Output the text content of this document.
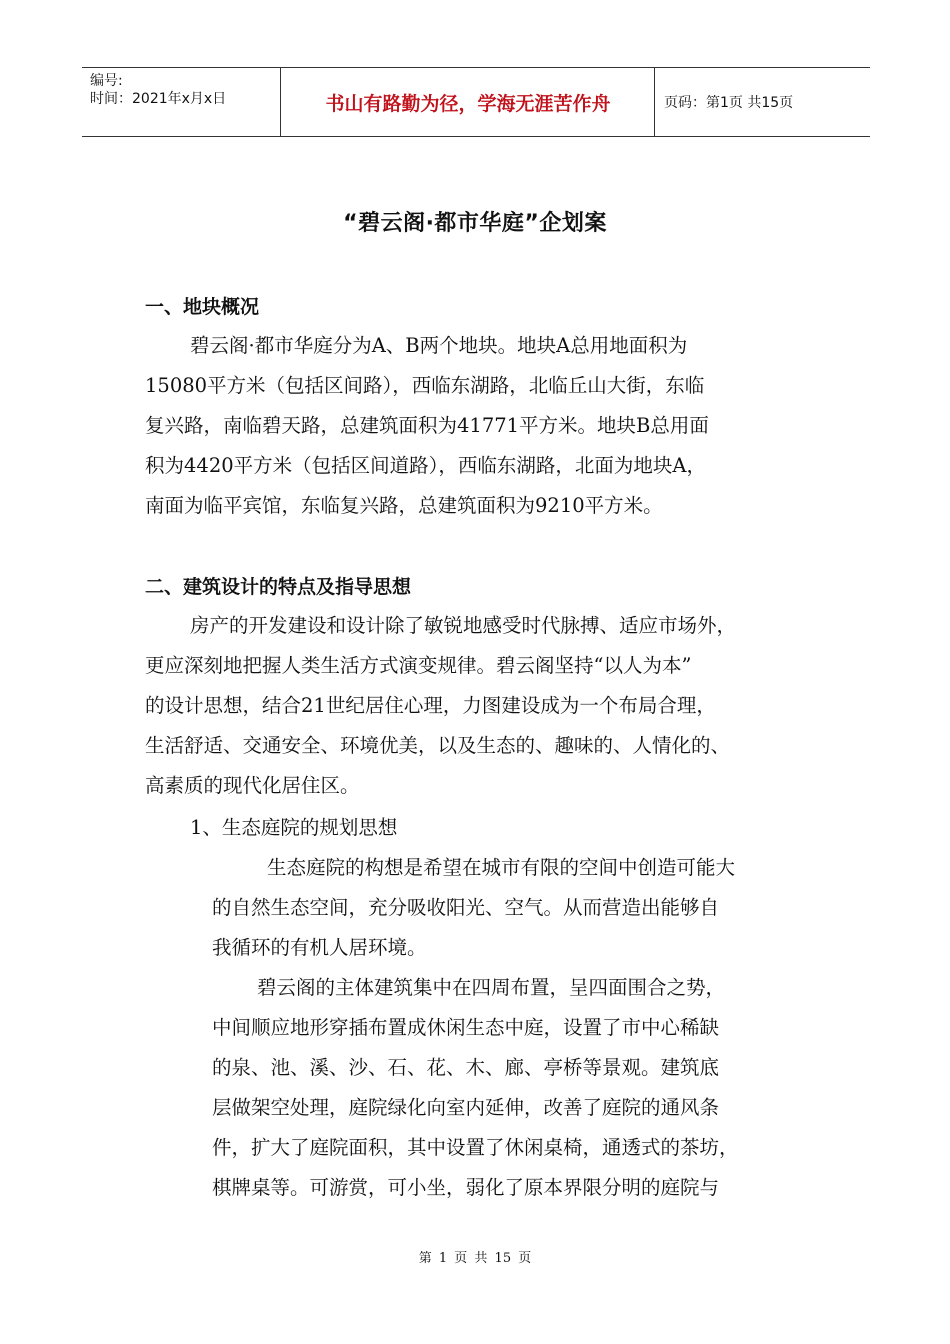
编号:
时间：2021年x月x日	书山有路勤为径，学海无涯苦作舟	页码：第1页 共15页
“碧云阁·都市华庭”企划案
一、地块概况
碧云阁·都市华庭分为A、B两个地块。地块A总用地面积为
15080平方米（包括区间路），西临东湖路，北临丘山大街，东临
复兴路，南临碧天路，总建筑面积为41771平方米。地块B总用面
积为4420平方米（包括区间道路），西临东湖路，北面为地块A，
南面为临平宾馆，东临复兴路，总建筑面积为9210平方米。
二、建筑设计的特点及指导思想
房产的开发建设和设计除了敏锐地感受时代脉搏、适应市场外，
更应深刻地把握人类生活方式演变规律。碧云阁坚持“以人为本”
的设计思想，结合21世纪居住心理，力图建设成为一个布局合理，
生活舒适、交通安全、环境优美，以及生态的、趣味的、人情化的、
高素质的现代化居住区。
1、生态庭院的规划思想
生态庭院的构想是希望在城市有限的空间中创造可能大
的自然生态空间，充分吸收阳光、空气。从而营造出能够自
我循环的有机人居环境。
碧云阁的主体建筑集中在四周布置，呈四面围合之势，
中间顺应地形穿插布置成休闲生态中庭，设置了市中心稀缺
的泉、池、溪、沙、石、花、木、廊、亭桥等景观。建筑底
层做架空处理，庭院绿化向室内延伸，改善了庭院的通风条
件，扩大了庭院面积，其中设置了休闲桌椅，通透式的茶坊，
棋牌桌等。可游赏，可小坐，弱化了原本界限分明的庭院与
第 1 页 共 15 页
